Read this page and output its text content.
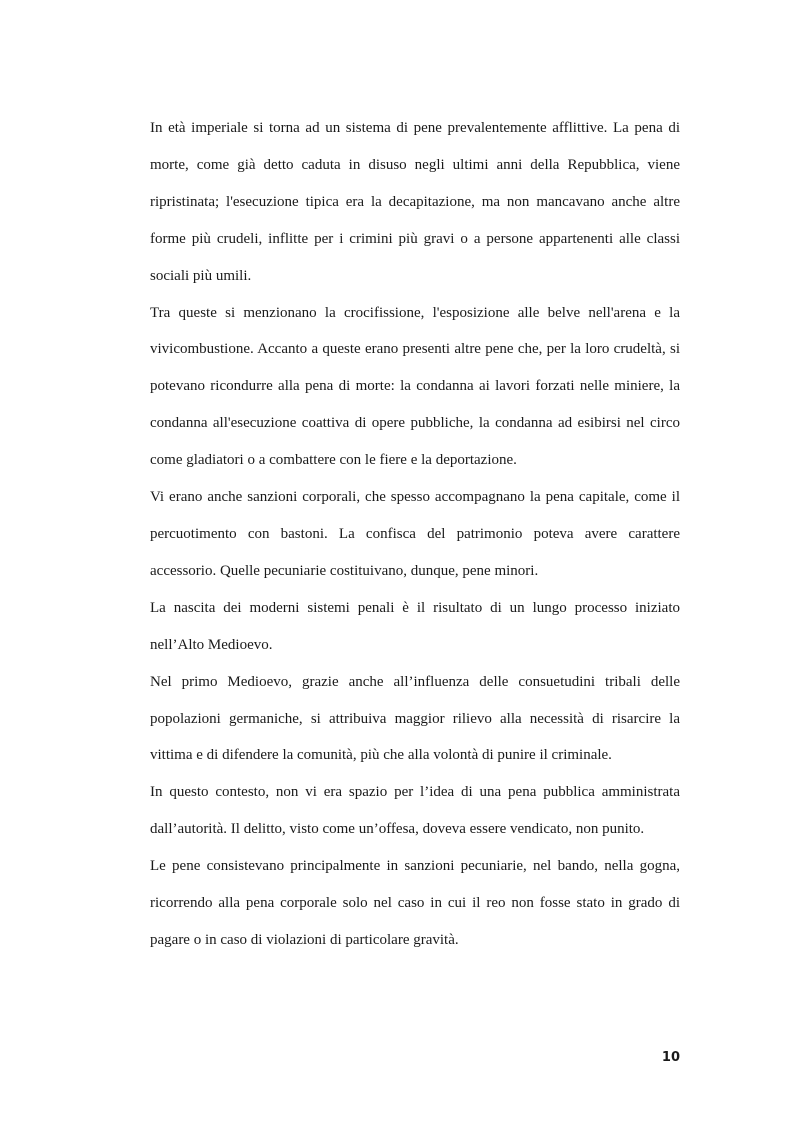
In età imperiale si torna ad un sistema di pene prevalentemente afflittive. La pena di morte, come già detto caduta in disuso negli ultimi anni della Repubblica, viene ripristinata; l'esecuzione tipica era la decapitazione, ma non mancavano anche altre forme più crudeli, inflitte per i crimini più gravi o a persone appartenenti alle classi sociali più umili.

Tra queste si menzionano la crocifissione, l'esposizione alle belve nell'arena e la vivicombustione. Accanto a queste erano presenti altre pene che, per la loro crudeltà, si potevano ricondurre alla pena di morte: la condanna ai lavori forzati nelle miniere, la condanna all'esecuzione coattiva di opere pubbliche, la condanna ad esibirsi nel circo come gladiatori o a combattere con le fiere e la deportazione.

Vi erano anche sanzioni corporali, che spesso accompagnano la pena capitale, come il percuotimento con bastoni. La confisca del patrimonio poteva avere carattere accessorio. Quelle pecuniarie costituivano, dunque, pene minori.

La nascita dei moderni sistemi penali è il risultato di un lungo processo iniziato nell’Alto Medioevo.

Nel primo Medioevo, grazie anche all’influenza delle consuetudini tribali delle popolazioni germaniche, si attribuiva maggior rilievo alla necessità di risarcire la vittima e di difendere la comunità, più che alla volontà di punire il criminale.

In questo contesto, non vi era spazio per l’idea di una pena pubblica amministrata dall’autorità. Il delitto, visto come un’offesa, doveva essere vendicato, non punito.

Le pene consistevano principalmente in sanzioni pecuniarie, nel bando, nella gogna, ricorrendo alla pena corporale solo nel caso in cui il reo non fosse stato in grado di pagare o in caso di violazioni di particolare gravità.

10
